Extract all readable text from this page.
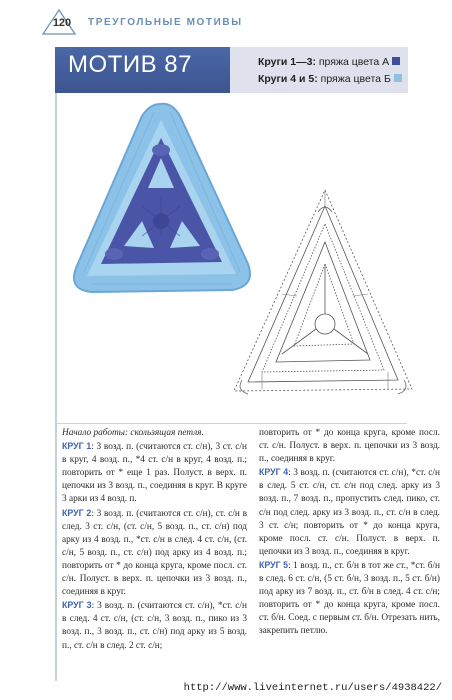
120 ТРЕУГОЛЬНЫЕ МОТИВЫ
МОТИВ 87	Круги 1—3: пряжа цвета А
Круги 4 и 5: пряжа цвета Б
Начало работы: скользящая петля.
КРУГ 1: 3 возд. п. (считаются ст. с/н), 3 ст. с/н в круг, 4 возд. п., *4 ст. с/н в круг, 4 возд. п.; повторить от * еще 1 раз. Полуст. в верх. п. цепочки из 3 возд. п., соединяя в круг. В круге 3 арки из 4 возд. п.
КРУГ 2: 3 возд. п. (считаются ст. с/н), ст. с/н в след. 3 ст. с/н, (ст. с/н, 5 возд. п., ст. с/н) под арку из 4 возд. п., *ст. с/н в след. 4 ст. с/н, (ст. с/н, 5 возд. п., ст. с/н) под арку из 4 возд. п.; повторить от * до конца круга, кроме посл. ст. с/н. Полуст. в верх. п. цепочки из 3 возд. п., соединяя в круг.
КРУГ 3: 3 возд. п. (считаются ст. с/н), *ст. с/н в след. 4 ст. с/н, (ст. с/н, 3 возд. п., пико из 3 возд. п., 3 возд. п., ст. с/н) под арку из 5 возд. п., ст. с/н в след. 2 ст. с/н;
повторить от * до конца круга, кроме посл. ст. с/н. Полуст. в верх. п. цепочки из 3 возд. п., соединяя в круг.
КРУГ 4: 3 возд. п. (считаются ст. с/н), *ст. с/н в след. 5 ст. с/н, ст. с/н под след. арку из 3 возд. п., 7 возд. п., пропустить след. пико, ст. с/н под след. арку из 3 возд. п., ст. с/н в след. 3 ст. с/н; повторить от * до конца круга, кроме посл. ст. с/н. Полуст. в верх. п. цепочки из 3 возд. п., соединяя в круг.
КРУГ 5: 1 возд. п., ст. б/н в тот же ст., *ст. б/н в след. 6 ст. с/н, (5 ст. б/н, 3 возд. п., 5 ст. б/н) под арку из 7 возд. п., ст. б/н в след. 4 ст. с/н; повторить от * до конца круга, кроме посл. ст. б/н. Соед. с первым ст. б/н. Отрезать нить, закрепить петлю.
http://www.liveinternet.ru/users/4938422/
